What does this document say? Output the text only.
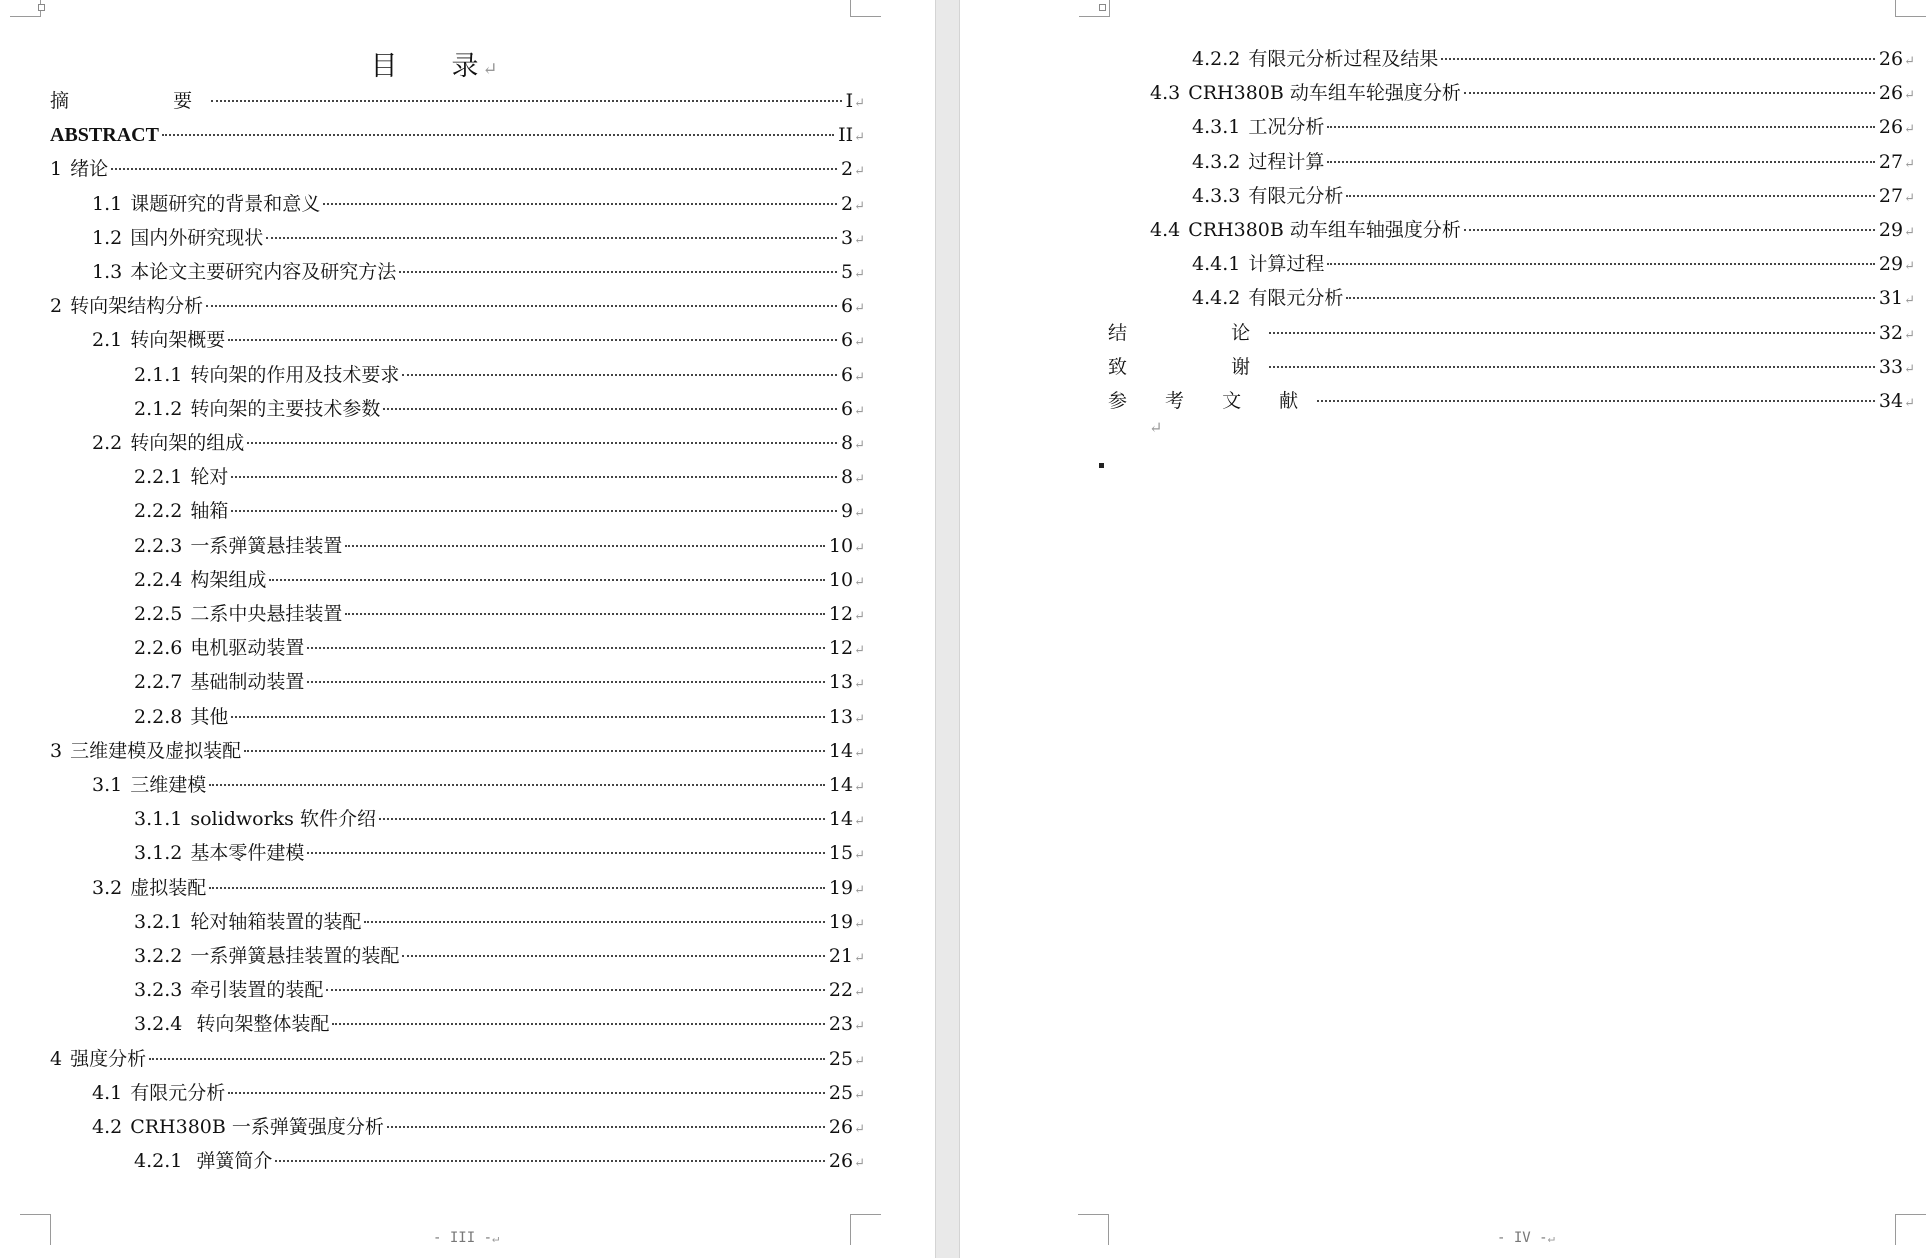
目 录 ↵
摘    要	I ↵
ABSTRACT	II ↵
1 绪论	2 ↵
1.1 课题研究的背景和意义	2 ↵
1.2 国内外研究现状	3 ↵
1.3 本论文主要研究内容及研究方法	5 ↵
2 转向架结构分析	6 ↵
2.1 转向架概要	6 ↵
2.1.1 转向架的作用及技术要求	6 ↵
2.1.2 转向架的主要技术参数	6 ↵
2.2 转向架的组成	8 ↵
2.2.1 轮对	8 ↵
2.2.2 轴箱	9 ↵
2.2.3 一系弹簧悬挂装置	10 ↵
2.2.4 构架组成	10 ↵
2.2.5 二系中央悬挂装置	12 ↵
2.2.6 电机驱动装置	12 ↵
2.2.7 基础制动装置	13 ↵
2.2.8 其他	13 ↵
3 三维建模及虚拟装配	14 ↵
3.1 三维建模	14 ↵
3.1.1 solidworks 软件介绍	14 ↵
3.1.2 基本零件建模	15 ↵
3.2 虚拟装配	19 ↵
3.2.1 轮对轴箱装置的装配	19 ↵
3.2.2 一系弹簧悬挂装置的装配	21 ↵
3.2.3 牵引装置的装配	22 ↵
3.2.4 转向架整体装配	23 ↵
4 强度分析	25 ↵
4.1 有限元分析	25 ↵
4.2 CRH380B 一系弹簧强度分析	26 ↵
4.2.1 弹簧简介	26 ↵
- III -↵
4.2.2 有限元分析过程及结果	26 ↵
4.3 CRH380B 动车组车轮强度分析	26 ↵
4.3.1 工况分析	26 ↵
4.3.2 过程计算	27 ↵
4.3.3 有限元分析	27 ↵
4.4 CRH380B 动车组车轴强度分析	29 ↵
4.4.1 计算过程	29 ↵
4.4.2 有限元分析	31 ↵
结    论	32 ↵
致    谢	33 ↵
参 考 文 献	34 ↵
↵
- IV -↵
